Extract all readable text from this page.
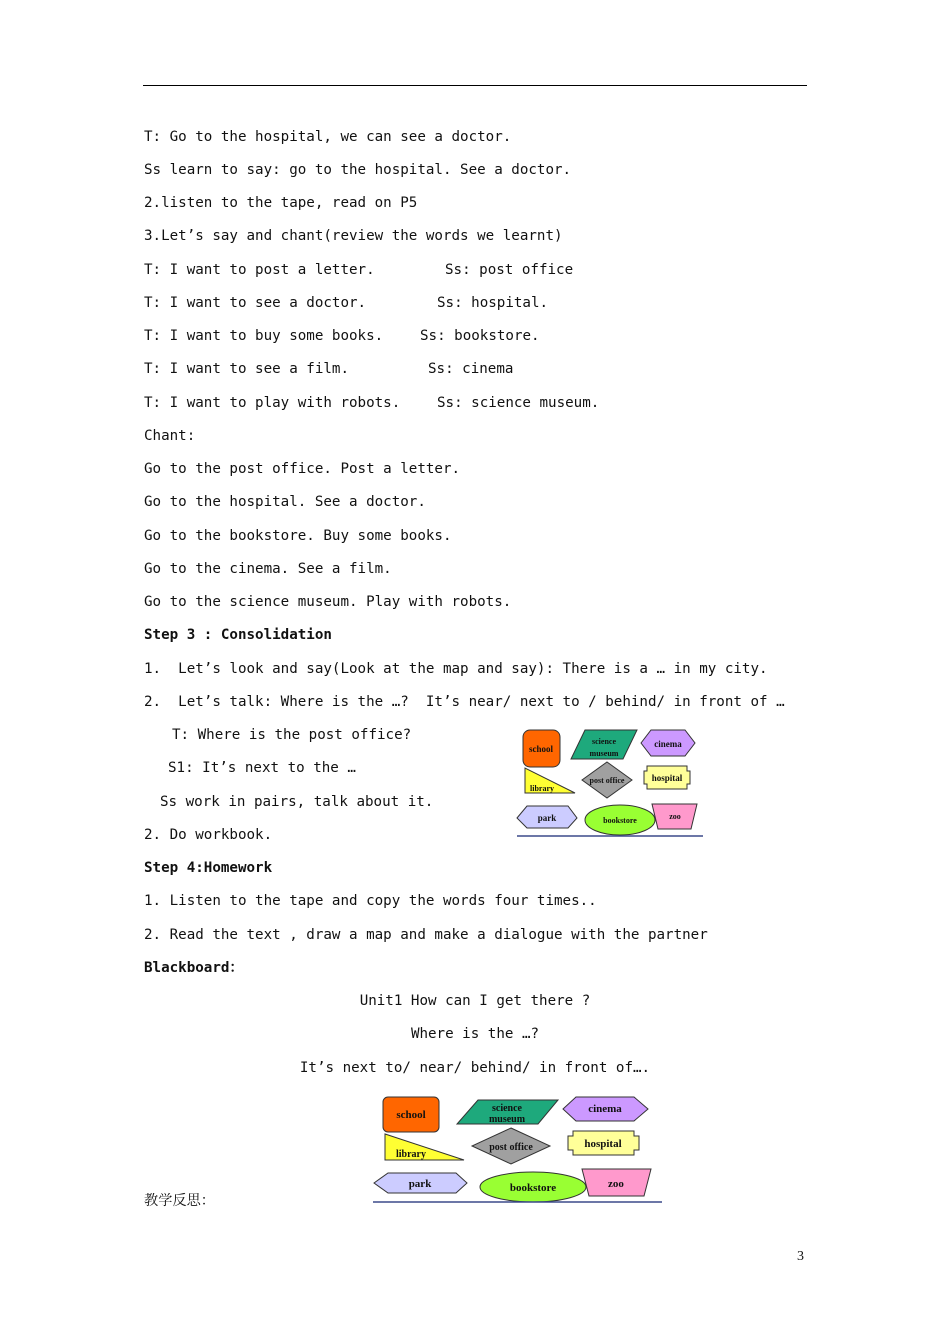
T: Go to the hospital, we can see a doctor.
Ss learn to say: go to the hospital. See a doctor.
2.listen to the tape, read on P5
3.Let’s say and chant(review the words we learnt)
T: I want to post a letter.	Ss: post office
T: I want to see a doctor.	Ss: hospital.
T: I want to buy some books.	Ss: bookstore.
T: I want to see a film.	Ss: cinema
T: I want to play with robots.	Ss: science museum.
Chant:
Go to the post office. Post a letter.
Go to the hospital. See a doctor.
Go to the bookstore. Buy some books.
Go to the cinema. See a film.
Go to the science museum. Play with robots.
Step 3 : Consolidation
1.  Let’s look and say(Look at the map and say): There is a … in my city.
2.  Let’s talk: Where is the …?  It’s near/ next to / behind/ in front of …
T: Where is the post office?
S1: It’s next to the …
Ss work in pairs, talk about it.
2. Do workbook.
Step 4:Homework
1. Listen to the tape and copy the words four times..
2. Read the text , draw a map and make a dialogue with the partner
Blackboard：
Unit1 How can I get there ?
Where is the …?
It’s next to/ near/ behind/ in front of….
教学反思：
school
science
museum
cinema
library
post office	hospital
park	bookstore	zoo
school
science
museum
cinema
library
post office	hospital
park	bookstore	zoo
3
